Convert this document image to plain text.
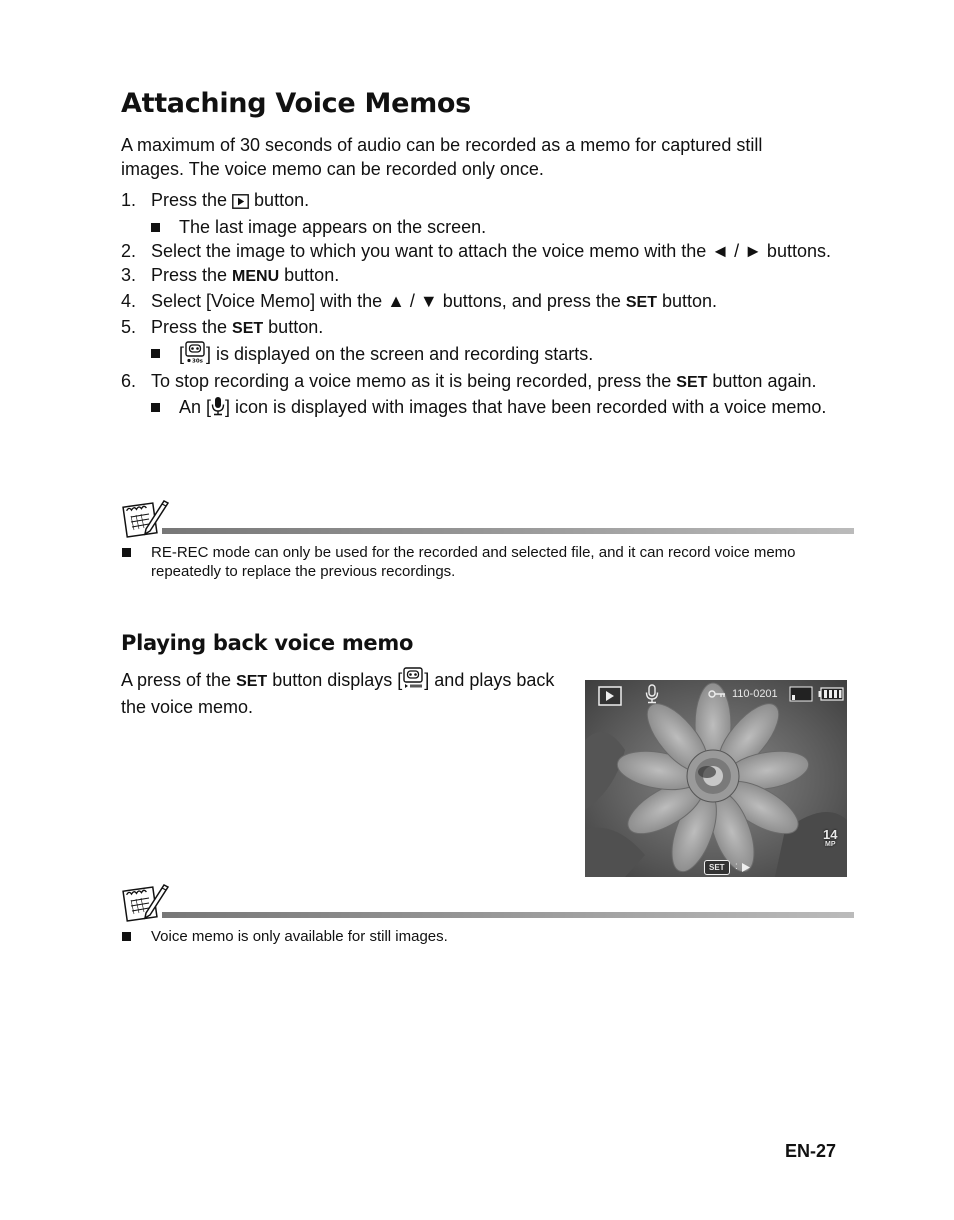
Attaching Voice Memos
A maximum of 30 seconds of audio can be recorded as a memo for captured still images. The voice memo can be recorded only once.
1. Press the  button.
The last image appears on the screen.
2. Select the image to which you want to attach the voice memo with the ◄ / ► buttons.
3. Press the MENU button.
4. Select [Voice Memo] with the ▲ / ▼ buttons, and press the SET button.
5. Press the SET button.
[ 30s ] is displayed on the screen and recording starts.
6. To stop recording a voice memo as it is being recorded, press the SET button again.
An [ ] icon is displayed with images that have been recorded with a voice memo.
RE-REC mode can only be used for the recorded and selected file, and it can record voice memo repeatedly to replace the previous recordings.
Playing back voice memo
A press of the SET button displays [ ] and plays back the voice memo.
110-0201
14
MP
SET	:
Voice memo is only available for still images.
EN-27
